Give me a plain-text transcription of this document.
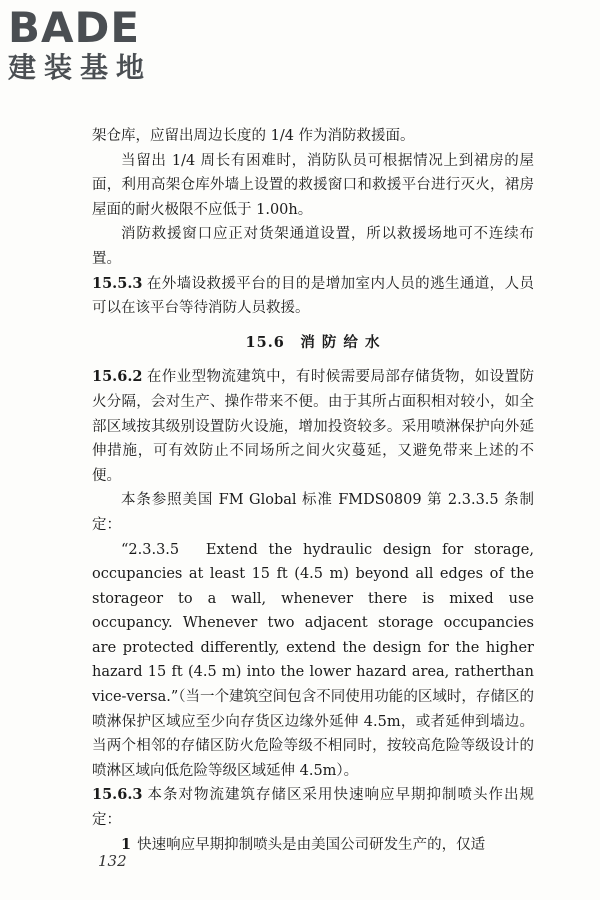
BADE
建装基地

架仓库，应留出周边长度的 1/4 作为消防救援面。

当留出 1/4 周长有困难时，消防队员可根据情况上到裙房的屋面，利用高架仓库外墙上设置的救援窗口和救援平台进行灭火，裙房屋面的耐火极限不应低于 1.00h。

消防救援窗口应正对货架通道设置，所以救援场地可不连续布置。

15.5.3 在外墙设救援平台的目的是增加室内人员的逃生通道，人员可以在该平台等待消防人员救援。

15.6　消 防 给 水

15.6.2 在作业型物流建筑中，有时候需要局部存储货物，如设置防火分隔，会对生产、操作带来不便。由于其所占面积相对较小，如全部区域按其级别设置防火设施，增加投资较多。采用喷淋保护向外延伸措施，可有效防止不同场所之间火灾蔓延，又避免带来上述的不便。

本条参照美国 FM Global 标准 FMDS0809 第 2.3.3.5 条制定：

“2.3.3.5　Extend the hydraulic design for storage, occupancies at least 15 ft (4.5 m) beyond all edges of the storageor to a wall, whenever there is mixed use occupancy. Whenever two adjacent storage occupancies are protected differently, extend the design for the higher hazard 15 ft (4.5 m) into the lower hazard area, ratherthan vice-versa.”（当一个建筑空间包含不同使用功能的区域时，存储区的喷淋保护区域应至少向存货区边缘外延伸 4.5m，或者延伸到墙边。当两个相邻的存储区防火危险等级不相同时，按较高危险等级设计的喷淋区域向低危险等级区域延伸 4.5m）。

15.6.3 本条对物流建筑存储区采用快速响应早期抑制喷头作出规定：

1 快速响应早期抑制喷头是由美国公司研发生产的，仅适

132
